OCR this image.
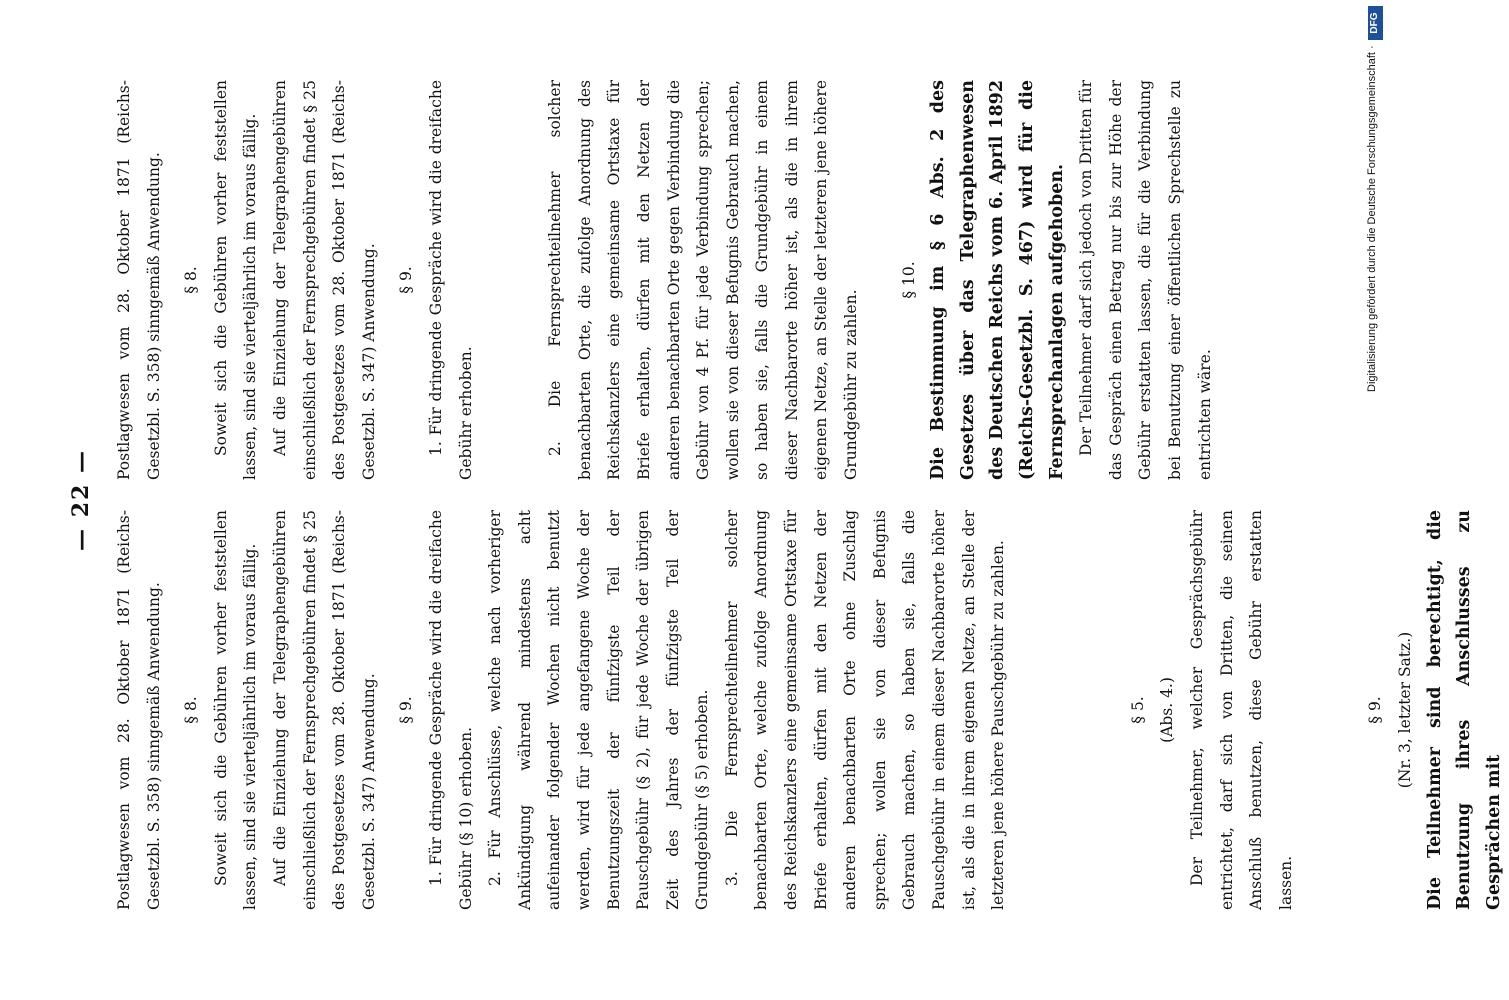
— 22 —

Postlagwesen vom 28. Oktober 1871 (Reichs-Gesetzbl. S. 358) sinngemäß Anwendung.	§ 8. Soweit sich die Gebühren vorher feststellen lassen, sind sie vierteljährlich im voraus fällig. Auf die Einziehung der Telegraphengebühren einschließlich der Fernsprechgebühren findet § 25 des Postgesetzes vom 28. Oktober 1871 (Reichs-Gesetzbl. S. 347) Anwendung.	§ 9. 1. Für dringende Gespräche wird die dreifache Gebühr (§ 10) erhoben. 2. Für Anschlüsse, welche nach vorheriger Ankündigung während mindestens acht aufeinander folgender Wochen nicht benutzt werden, wird für jede angefangene Woche der Benutzungszeit der fünfzigste Teil der Pauschgebühr (§ 2), für jede Woche der übrigen Zeit des Jahres der fünfzigste Teil der Grundgebühr (§ 5) erhoben. 3. Die Fernsprechteilnehmer solcher benachbarten Orte, welche zufolge Anordnung des Reichskanzlers eine gemeinsame Ortstaxe für Briefe erhalten, dürfen mit den Netzen der anderen benachbarten Orte ohne Zuschlag sprechen; wollen sie von dieser Befugnis Gebrauch machen, so haben sie, falls die Pauschgebühr in einem dieser Nachbarorte höher ist, als die in ihrem eigenen Netze, an Stelle der letzteren jene höhere Pauschgebühr zu zahlen.	§ 5. (Abs. 4.) Der Teilnehmer, welcher Gesprächsgebühr entrichtet, darf sich von Dritten, die seinen Anschluß benutzen, diese Gebühr erstatten lassen.

§ 9. (Nr. 3, letzter Satz.) Die Teilnehmer sind berechtigt, die Benutzung ihres Anschlusses zu Gesprächen mit

Postlagwesen vom 28. Oktober 1871 (Reichs-Gesetzbl. S. 358) sinngemäß Anwendung.	§ 8. Soweit sich die Gebühren vorher feststellen lassen, sind sie vierteljährlich im voraus fällig. Auf die Einziehung der Telegraphengebühren einschließlich der Fernsprechgebühren findet § 25 des Postgesetzes vom 28. Oktober 1871 (Reichs-Gesetzbl. S. 347) Anwendung.	§ 9. 1. Für dringende Gespräche wird die dreifache Gebühr erhoben.	2. Die Fernsprechteilnehmer solcher benachbarten Orte, die zufolge Anordnung des Reichskanzlers eine gemeinsame Ortstaxe für Briefe erhalten, dürfen mit den Netzen der anderen benachbarten Orte gegen Verbindung die Gebühr von 4 Pf. für jede Verbindung sprechen; wollen sie von dieser Befugnis Gebrauch machen, so haben sie, falls die Grundgebühr in einem dieser Nachbarorte höher ist, als die in ihrem eigenen Netze, an Stelle der letzteren jene höhere Grundgebühr zu zahlen.

§ 10. Die Bestimmung im § 6 Abs. 2 des Gesetzes über das Telegraphenwesen des Deutschen Reichs vom 6. April 1892 (Reichs-Gesetzbl. S. 467) wird für die Fernsprechanlagen aufgehoben. Der Teilnehmer darf sich jedoch von Dritten für das Gespräch einen Betrag nur bis zur Höhe der Gebühr erstatten lassen, die für die Verbindung bei Benutzung einer öffentlichen Sprechstelle zu entrichten wäre.

Digitalisierung gefördert durch die Deutsche Forschungsgemeinschaft ·
DFG
